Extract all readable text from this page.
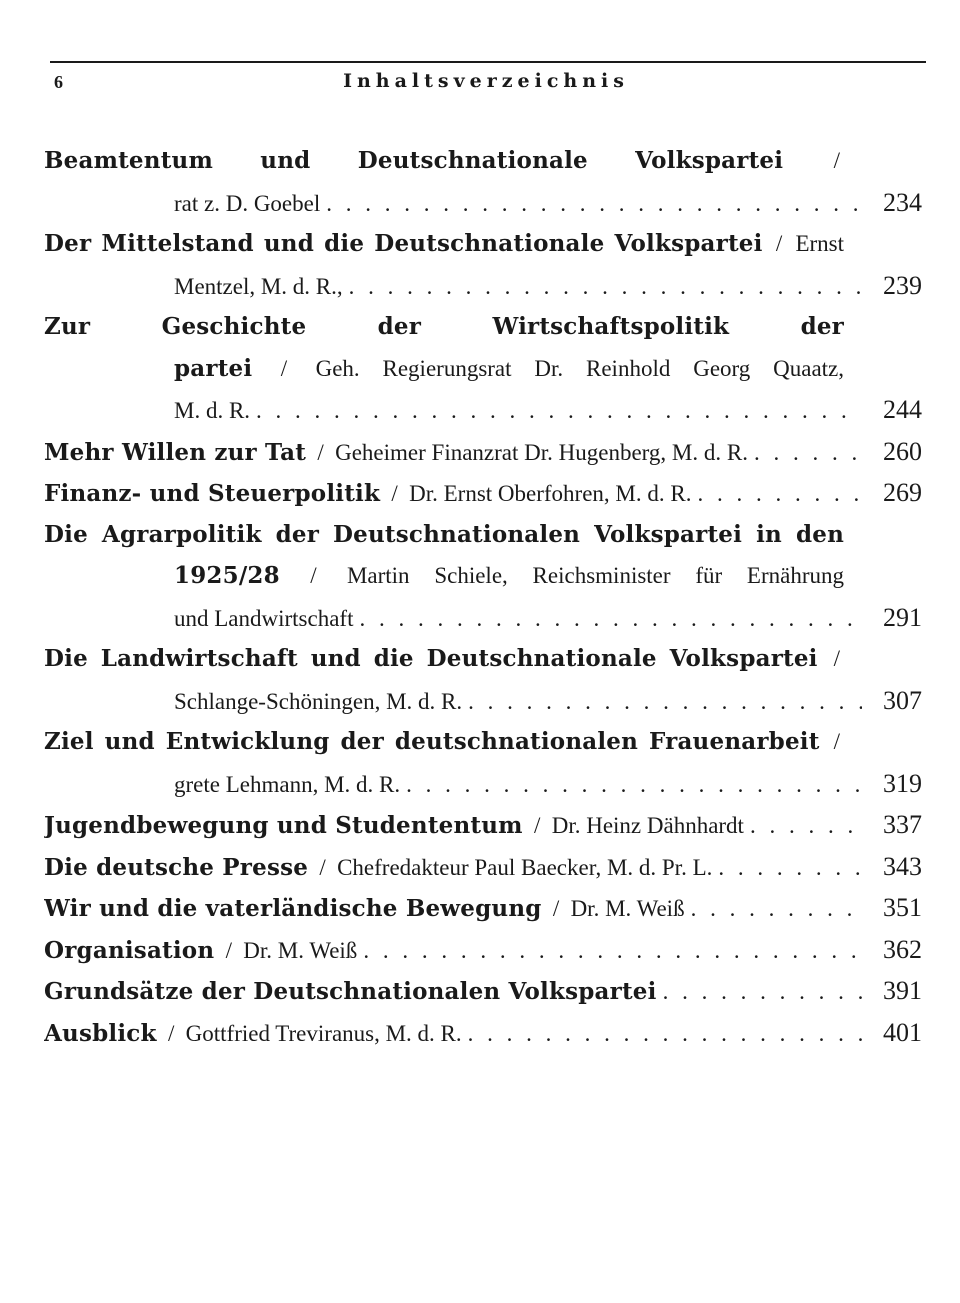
6	Inhaltsverzeichnis
Beamtentum und Deutschnationale Volkspartei /
rat z. D. Goebel . . .	234
Der Mittelstand und die Deutschnationale Volkspartei / Ernst
Mentzel, M. d. R., . . .	239
Zur Geschichte der Wirtschaftspolitik der
partei / Geh. Regierungsrat Dr. Reinhold Georg Quaatz,
M. d. R. . . .	244
Mehr Willen zur Tat / Geheimer Finanzrat Dr. Hugenberg, M. d. R. . . .	260
Finanz- und Steuerpolitik / Dr. Ernst Oberfohren, M. d. R. . . .	269
Die Agrarpolitik der Deutschnationalen Volkspartei in den
1925/28 / Martin Schiele, Reichsminister für Ernährung
und Landwirtschaft . . .	291
Die Landwirtschaft und die Deutschnationale Volkspartei /
Schlange-Schöningen, M. d. R. . . .	307
Ziel und Entwicklung der deutschnationalen Frauenarbeit /
grete Lehmann, M. d. R. . . .	319
Jugendbewegung und Studententum / Dr. Heinz Dähnhardt . . .	337
Die deutsche Presse / Chefredakteur Paul Baecker, M. d. Pr. L. . . .	343
Wir und die vaterländische Bewegung / Dr. M. Weiß . . .	351
Organisation / Dr. M. Weiß . . .	362
Grundsätze der Deutschnationalen Volkspartei . . .	391
Ausblick / Gottfried Treviranus, M. d. R. . . .	401
